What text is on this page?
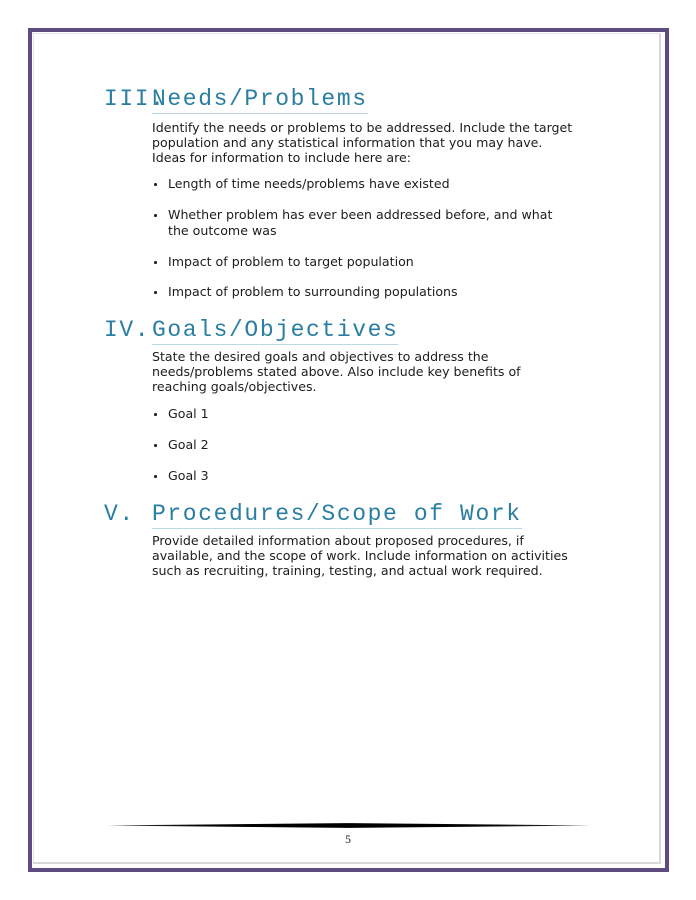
III.
Needs/Problems
Identify the needs or problems to be addressed. Include the target
population and any statistical information that you may have.
Ideas for information to include here are:
Length of time needs/problems have existed
Whether problem has ever been addressed before, and what
the outcome was
Impact of problem to target population
Impact of problem to surrounding populations
IV. Goals/Objectives
State the desired goals and objectives to address the
needs/problems stated above. Also include key benefits of
reaching goals/objectives.
Goal 1
Goal 2
Goal 3
V. Procedures/Scope of Work
Provide detailed information about proposed procedures, if
available, and the scope of work. Include information on activities
such as recruiting, training, testing, and actual work required.
5
